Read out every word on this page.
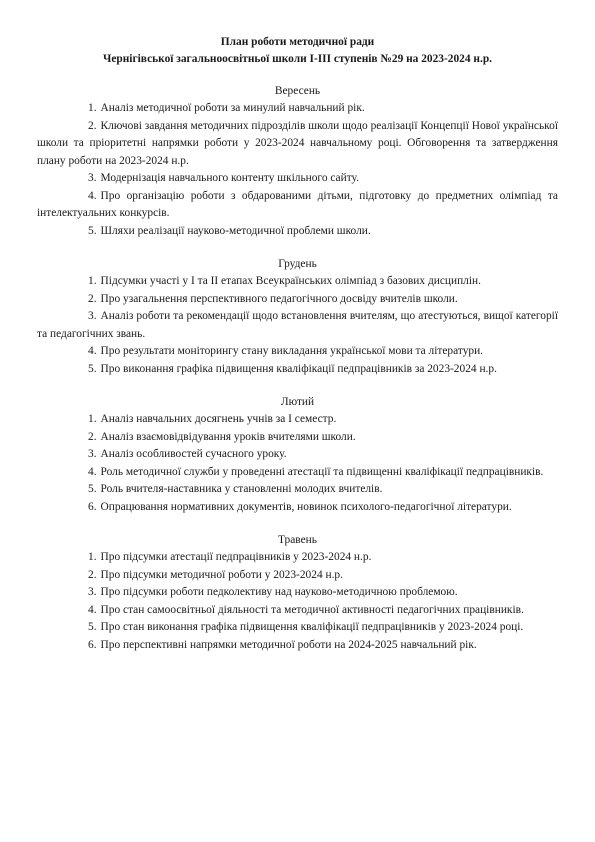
План роботи методичної ради

Чернігівської загальноосвітньої школи І-ІІІ ступенів №29 на 2023-2024 н.р.

Вересень

1. Аналіз методичної роботи за минулий навчальний рік.
2. Ключові завдання методичних підрозділів школи щодо реалізації Концепції Нової української школи та пріоритетні напрямки роботи у 2023-2024 навчальному році. Обговорення та затвердження плану роботи на 2023-2024 н.р.
3. Модернізація навчального контенту шкільного сайту.
4. Про організацію роботи з обдарованими дітьми, підготовку до предметних олімпіад та інтелектуальних конкурсів.
5. Шляхи реалізації науково-методичної проблеми школи.

Грудень

1. Підсумки участі у І та ІІ етапах Всеукраїнських олімпіад з базових дисциплін.
2. Про узагальнення перспективного педагогічного досвіду вчителів школи.
3. Аналіз роботи та рекомендації щодо встановлення вчителям, що атестуються, вищої категорії та педагогічних звань.
4. Про результати моніторингу стану викладання української мови та літератури.
5. Про виконання графіка підвищення кваліфікації педпрацівників за 2023-2024 н.р.

Лютий

1. Аналіз навчальних досягнень учнів за І семестр.
2. Аналіз взаємовідвідування уроків вчителями школи.
3. Аналіз особливостей сучасного уроку.
4. Роль методичної служби у проведенні атестації та підвищенні кваліфікації педпрацівників.
5. Роль вчителя-наставника у становленні молодих вчителів.
6. Опрацювання нормативних документів, новинок психолого-педагогічної літератури.

Травень

1. Про підсумки атестації педпрацівників у 2023-2024 н.р.
2. Про підсумки методичної роботи у 2023-2024 н.р.
3. Про підсумки роботи педколективу над науково-методичною проблемою.
4. Про стан самоосвітньої діяльності та методичної активності педагогічних працівників.
5. Про стан виконання графіка підвищення кваліфікації педпрацівників у 2023-2024 році.
6. Про перспективні напрямки методичної роботи на 2024-2025 навчальний рік.
